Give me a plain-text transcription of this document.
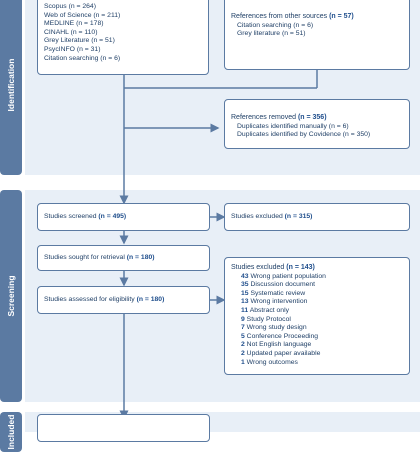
Identification
Screening
Included
Scopus (n = 264)
Web of Science (n = 211)
MEDLINE (n = 178)
CINAHL (n = 110)
Grey Literature (n = 51)
PsycINFO (n = 31)
Citation searching (n = 6)
References from other sources (n = 57)
Citation searching (n = 6)
Grey literature (n = 51)
References removed (n = 356)
Duplicates identified manually (n = 6)
Duplicates identified by Covidence (n = 350)
Studies screened (n = 495)	Studies excluded (n = 315)
Studies sought for retrieval (n = 180)
Studies assessed for eligibility (n = 180)
Studies excluded (n = 143)
43 Wrong patient population
35 Discussion document
15 Systematic review
13 Wrong intervention
11 Abstract only
9 Study Protocol
7 Wrong study design
5 Conference Proceeding
2 Not English language
2 Updated paper available
1 Wrong outcomes
